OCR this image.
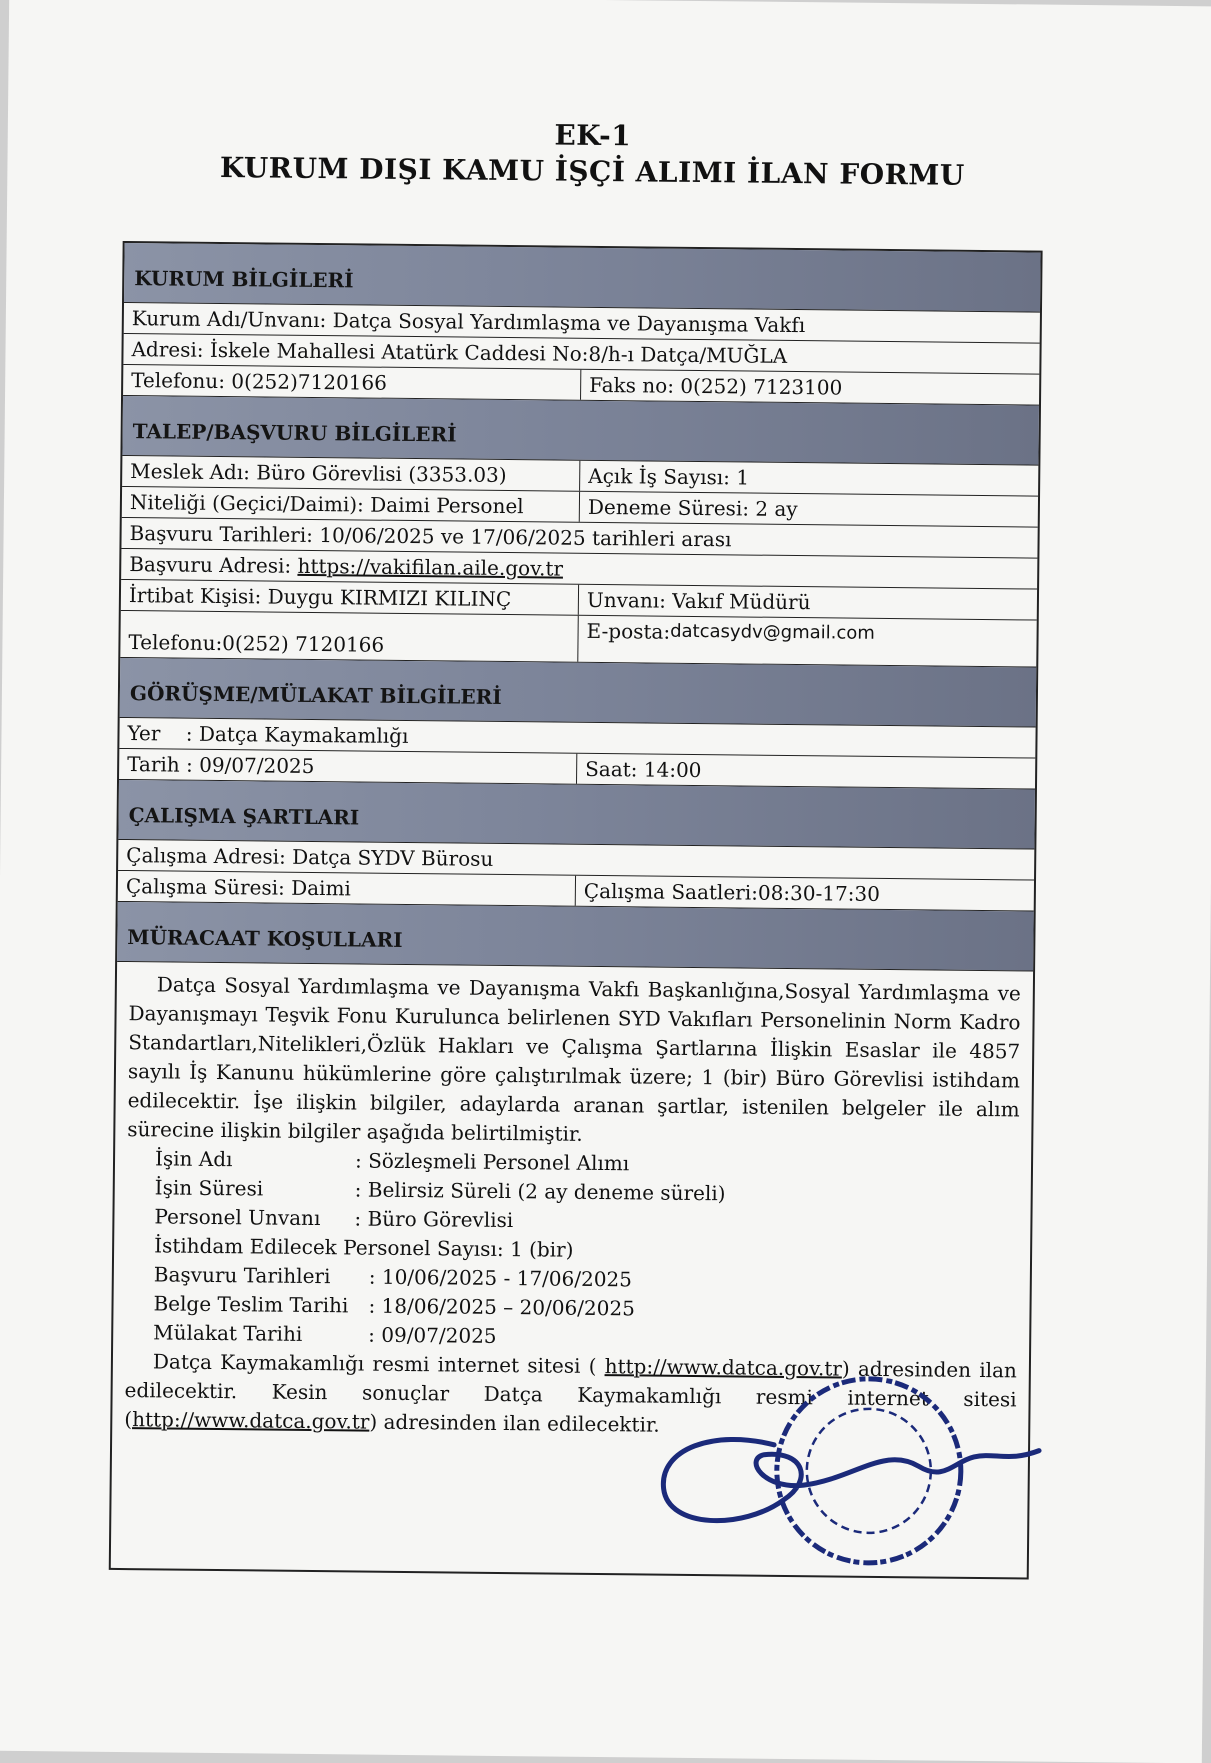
EK-1
KURUM DIŞI KAMU İŞÇİ ALIMI İLAN FORMU
KURUM BİLGİLERİ
Kurum Adı/Unvanı: Datça Sosyal Yardımlaşma ve Dayanışma Vakfı
Adresi: İskele Mahallesi Atatürk Caddesi No:8/h-ı Datça/MUĞLA
Telefonu: 0(252)7120166	Faks no: 0(252) 7123100
TALEP/BAŞVURU BİLGİLERİ
Meslek Adı: Büro Görevlisi (3353.03)	Açık İş Sayısı: 1
Niteliği (Geçici/Daimi): Daimi Personel	Deneme Süresi: 2 ay
Başvuru Tarihleri: 10/06/2025 ve 17/06/2025 tarihleri arası
Başvuru Adresi: https://vakifilan.aile.gov.tr
İrtibat Kişisi: Duygu KIRMIZI KILINÇ	Unvanı: Vakıf Müdürü
Telefonu:0(252) 7120166	E-posta: datcasydv@gmail.com
GÖRÜŞME/MÜLAKAT BİLGİLERİ
Yer    : Datça Kaymakamlığı
Tarih : 09/07/2025	Saat: 14:00
ÇALIŞMA ŞARTLARI
Çalışma Adresi: Datça SYDV Bürosu
Çalışma Süresi: Daimi	Çalışma Saatleri:08:30-17:30
MÜRACAAT KOŞULLARI

Datça Sosyal Yardımlaşma ve Dayanışma Vakfı Başkanlığına,Sosyal Yardımlaşma ve Dayanışmayı Teşvik Fonu Kurulunca belirlenen SYD Vakıfları Personelinin Norm Kadro Standartları,Nitelikleri,Özlük Hakları ve Çalışma Şartlarına İlişkin Esaslar ile 4857 sayılı İş Kanunu hükümlerine göre çalıştırılmak üzere; 1 (bir) Büro Görevlisi istihdam edilecektir. İşe ilişkin bilgiler, adaylarda aranan şartlar, istenilen belgeler ile alım sürecine ilişkin bilgiler aşağıda belirtilmiştir.

İşin Adı	: Sözleşmeli Personel Alımı
İşin Süresi	: Belirsiz Süreli (2 ay deneme süreli)
Personel Unvanı	: Büro Görevlisi
İstihdam Edilecek Personel Sayısı : 1 (bir)
Başvuru Tarihleri	: 10/06/2025 - 17/06/2025
Belge Teslim Tarihi : 18/06/2025 – 20/06/2025
Mülakat Tarihi	: 09/07/2025

Datça Kaymakamlığı resmi internet sitesi ( http://www.datca.gov.tr) adresinden ilan edilecektir. Kesin sonuçlar Datça Kaymakamlığı resmi internet sitesi (http://www.datca.gov.tr) adresinden ilan edilecektir.
